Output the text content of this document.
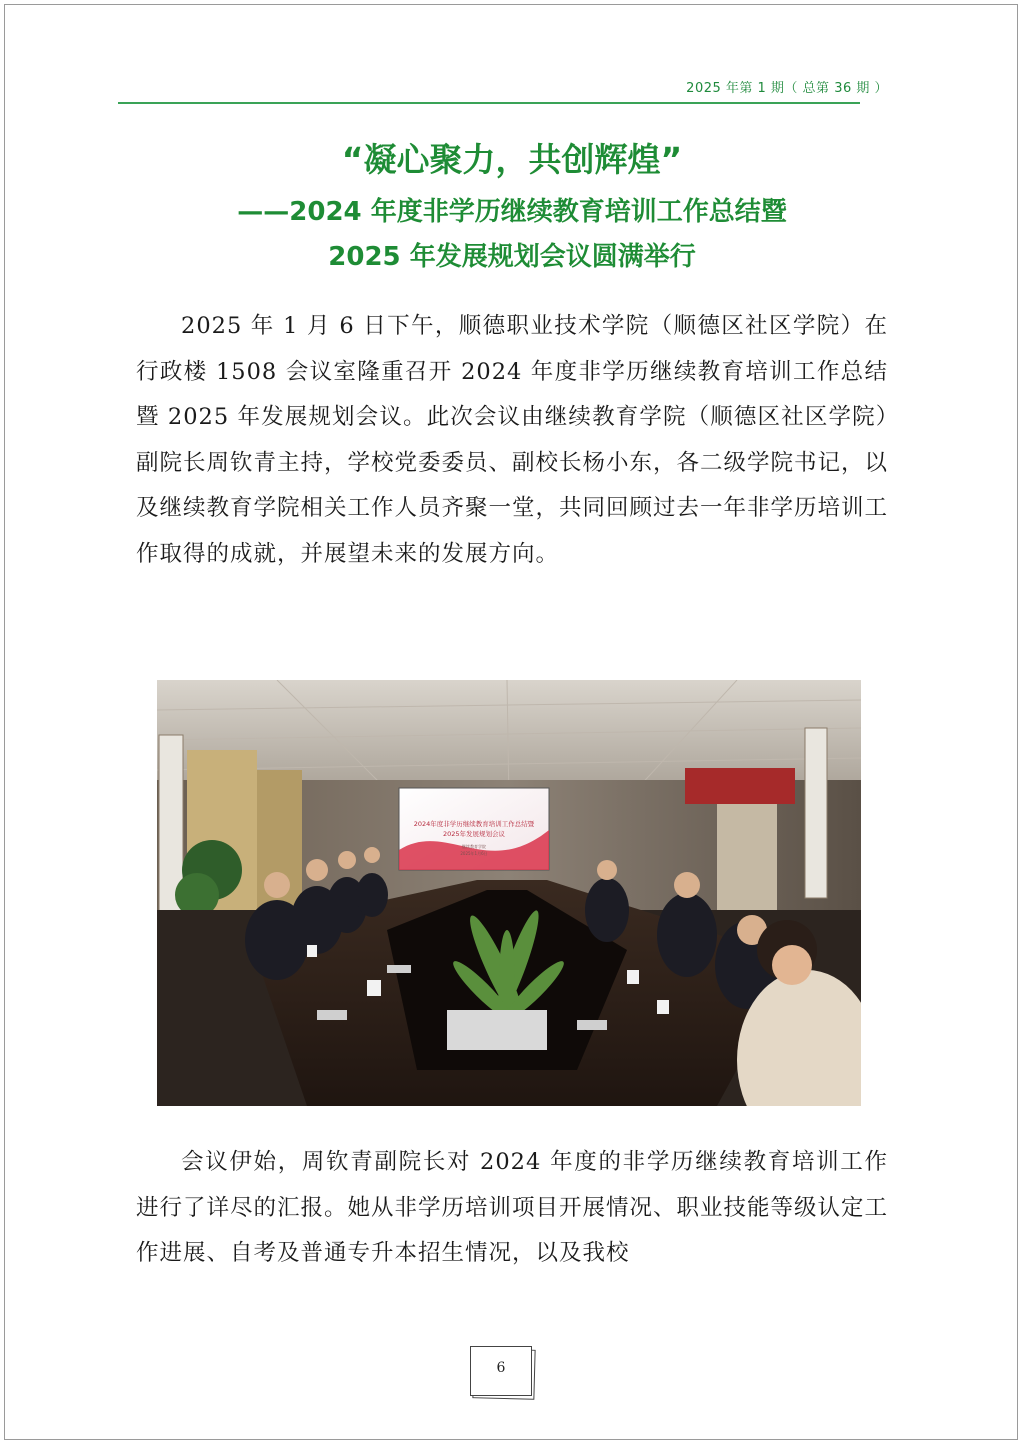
2025 年第 1 期（ 总第 36 期 ）
“凝心聚力，共创辉煌”
——2024 年度非学历继续教育培训工作总结暨
2025 年发展规划会议圆满举行

2025 年 1 月 6 日下午，顺德职业技术学院（顺德区社区学院）在行政楼 1508 会议室隆重召开 2024 年度非学历继续教育培训工作总结暨 2025 年发展规划会议。此次会议由继续教育学院（顺德区社区学院）副院长周钦青主持，学校党委委员、副校长杨小东，各二级学院书记，以及继续教育学院相关工作人员齐聚一堂，共同回顾过去一年非学历培训工作取得的成就，并展望未来的发展方向。

2024年度非学历继续教育培训工作总结暨
2025年发展规划会议
继续教育学院
2025年1月6日

会议伊始，周钦青副院长对 2024 年度的非学历继续教育培训工作进行了详尽的汇报。她从非学历培训项目开展情况、职业技能等级认定工作进展、自考及普通专升本招生情况，以及我校

6
